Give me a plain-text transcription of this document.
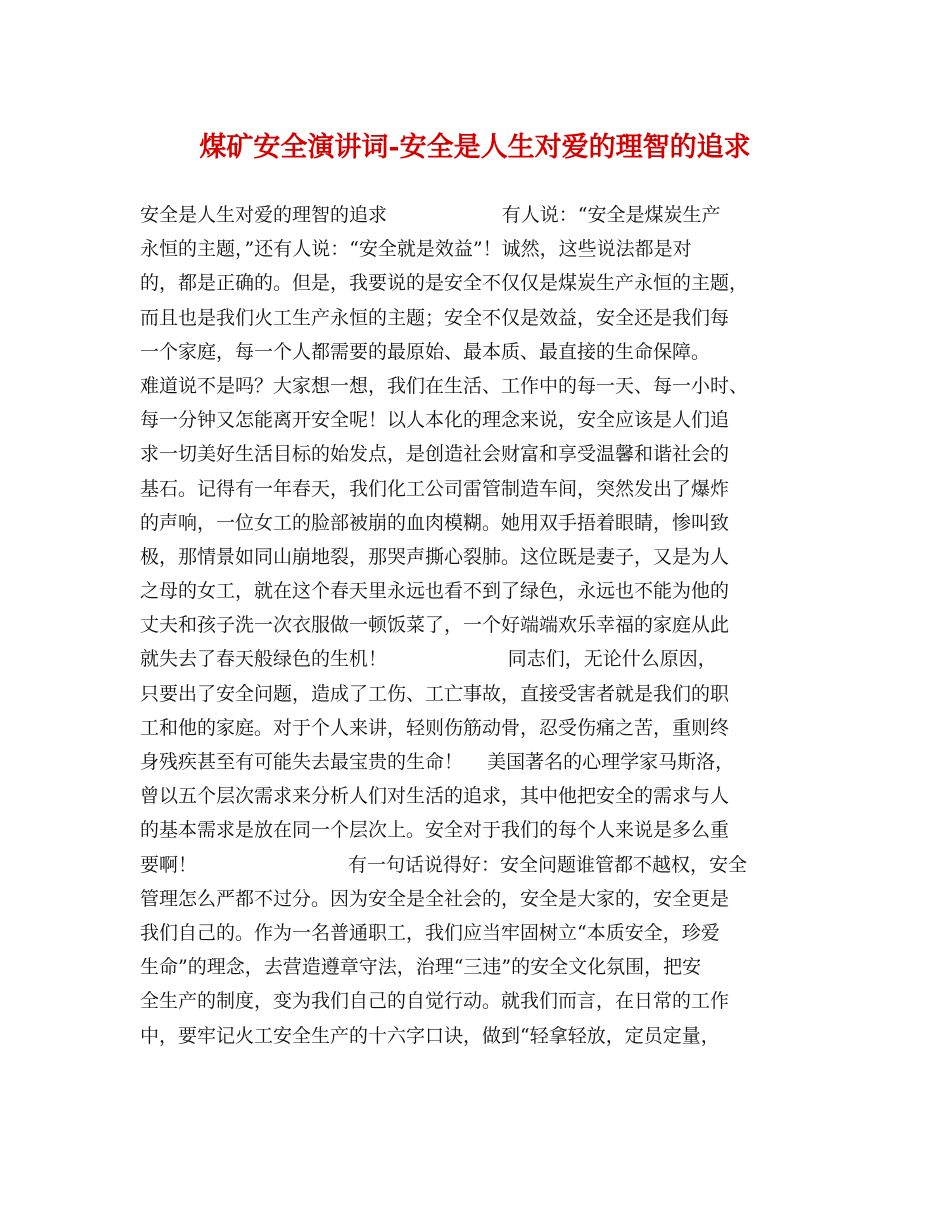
煤矿安全演讲词-安全是人生对爱的理智的追求
安全是人生对爱的理智的追求                   有人说：“安全是煤炭生产
永恒的主题，”还有人说：“安全就是效益”！诚然，这些说法都是对
的，都是正确的。但是，我要说的是安全不仅仅是煤炭生产永恒的主题，
而且也是我们火工生产永恒的主题；安全不仅是效益，安全还是我们每
一个家庭，每一个人都需要的最原始、最本质、最直接的生命保障。
难道说不是吗？大家想一想，我们在生活、工作中的每一天、每一小时、
每一分钟又怎能离开安全呢！以人本化的理念来说，安全应该是人们追
求一切美好生活目标的始发点，是创造社会财富和享受温馨和谐社会的
基石。记得有一年春天，我们化工公司雷管制造车间，突然发出了爆炸
的声响，一位女工的脸部被崩的血肉模糊。她用双手捂着眼睛，惨叫致
极，那情景如同山崩地裂，那哭声撕心裂肺。这位既是妻子，又是为人
之母的女工，就在这个春天里永远也看不到了绿色，永远也不能为他的
丈夫和孩子洗一次衣服做一顿饭菜了，一个好端端欢乐幸福的家庭从此
就失去了春天般绿色的生机！                    同志们，无论什么原因，
只要出了安全问题，造成了工伤、工亡事故，直接受害者就是我们的职
工和他的家庭。对于个人来讲，轻则伤筋动骨，忍受伤痛之苦，重则终
身残疾甚至有可能失去最宝贵的生命！    美国著名的心理学家马斯洛，
曾以五个层次需求来分析人们对生活的追求，其中他把安全的需求与人
的基本需求是放在同一个层次上。安全对于我们的每个人来说是多么重
要啊！                         有一句话说得好：安全问题谁管都不越权，安全
管理怎么严都不过分。因为安全是全社会的，安全是大家的，安全更是
我们自己的。作为一名普通职工，我们应当牢固树立“本质安全，珍爱
生命”的理念，去营造遵章守法，治理“三违”的安全文化氛围，把安
全生产的制度，变为我们自己的自觉行动。就我们而言，在日常的工作
中，要牢记火工安全生产的十六字口诀，做到“轻拿轻放，定员定量，
